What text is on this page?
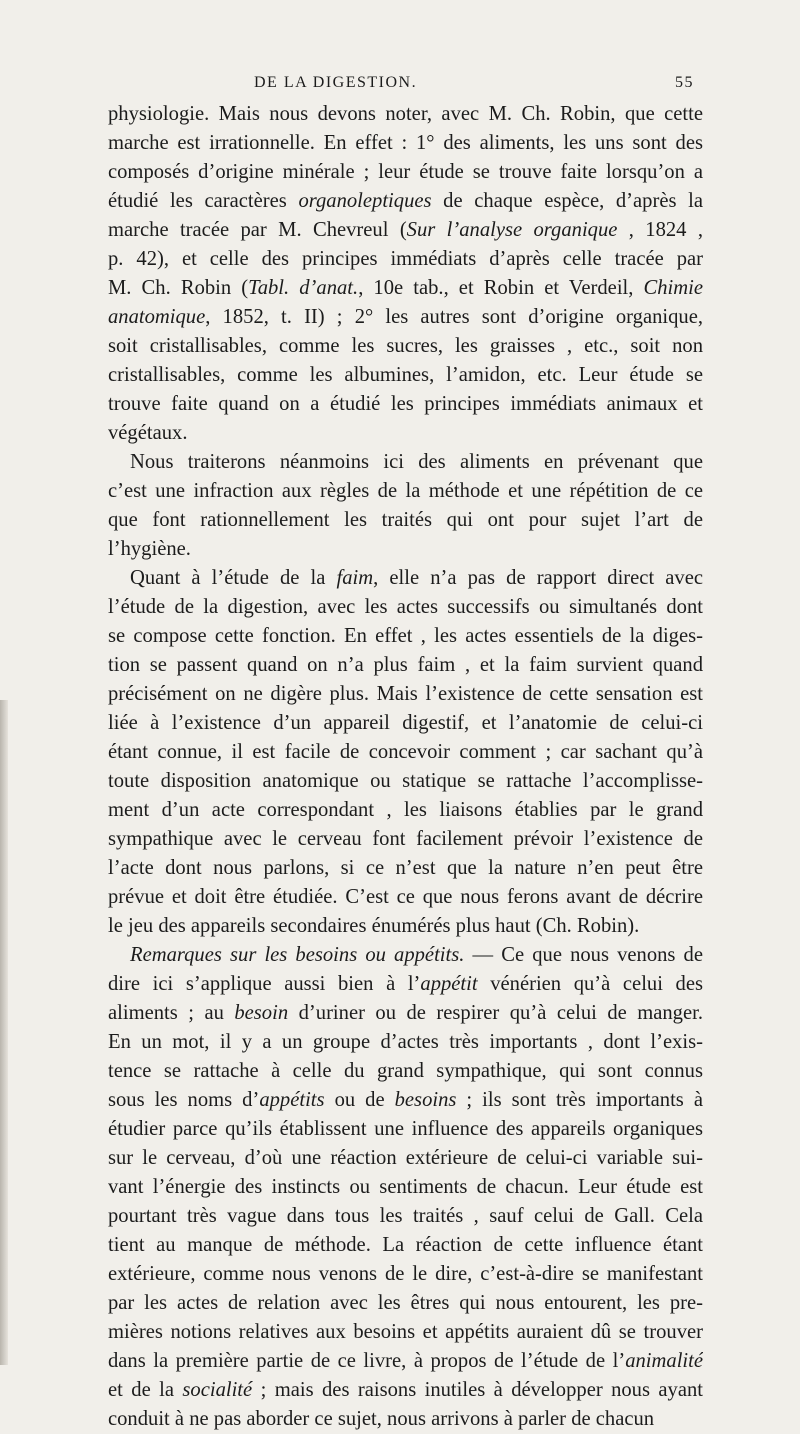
DE LA DIGESTION.	55
physiologie. Mais nous devons noter, avec M. Ch. Robin, que cette
marche est irrationnelle. En effet : 1° des aliments, les uns sont des
composés d’origine minérale ; leur étude se trouve faite lorsqu’on a
étudié les caractères organoleptiques de chaque espèce, d’après la
marche tracée par M. Chevreul (Sur l’analyse organique , 1824 ,
p. 42), et celle des principes immédiats d’après celle tracée par
M. Ch. Robin (Tabl. d’anat., 10e tab., et Robin et Verdeil, Chimie
anatomique, 1852, t. II) ; 2° les autres sont d’origine organique,
soit cristallisables, comme les sucres, les graisses , etc., soit non
cristallisables, comme les albumines, l’amidon, etc. Leur étude se
trouve faite quand on a étudié les principes immédiats animaux et
végétaux.
Nous traiterons néanmoins ici des aliments en prévenant que
c’est une infraction aux règles de la méthode et une répétition de ce
que font rationnellement les traités qui ont pour sujet l’art de
l’hygiène.
Quant à l’étude de la faim, elle n’a pas de rapport direct avec
l’étude de la digestion, avec les actes successifs ou simultanés dont
se compose cette fonction. En effet , les actes essentiels de la diges-
tion se passent quand on n’a plus faim , et la faim survient quand
précisément on ne digère plus. Mais l’existence de cette sensation est
liée à l’existence d’un appareil digestif, et l’anatomie de celui-ci
étant connue, il est facile de concevoir comment ; car sachant qu’à
toute disposition anatomique ou statique se rattache l’accomplisse-
ment d’un acte correspondant , les liaisons établies par le grand
sympathique avec le cerveau font facilement prévoir l’existence de
l’acte dont nous parlons, si ce n’est que la nature n’en peut être
prévue et doit être étudiée. C’est ce que nous ferons avant de décrire
le jeu des appareils secondaires énumérés plus haut (Ch. Robin).
Remarques sur les besoins ou appétits. — Ce que nous venons de
dire ici s’applique aussi bien à l’appétit vénérien qu’à celui des
aliments ; au besoin d’uriner ou de respirer qu’à celui de manger.
En un mot, il y a un groupe d’actes très importants , dont l’exis-
tence se rattache à celle du grand sympathique, qui sont connus
sous les noms d’appétits ou de besoins ; ils sont très importants à
étudier parce qu’ils établissent une influence des appareils organiques
sur le cerveau, d’où une réaction extérieure de celui-ci variable sui-
vant l’énergie des instincts ou sentiments de chacun. Leur étude est
pourtant très vague dans tous les traités , sauf celui de Gall. Cela
tient au manque de méthode. La réaction de cette influence étant
extérieure, comme nous venons de le dire, c’est-à-dire se manifestant
par les actes de relation avec les êtres qui nous entourent, les pre-
mières notions relatives aux besoins et appétits auraient dû se trouver
dans la première partie de ce livre, à propos de l’étude de l’animalité
et de la socialité ; mais des raisons inutiles à développer nous ayant
conduit à ne pas aborder ce sujet, nous arrivons à parler de chacun
